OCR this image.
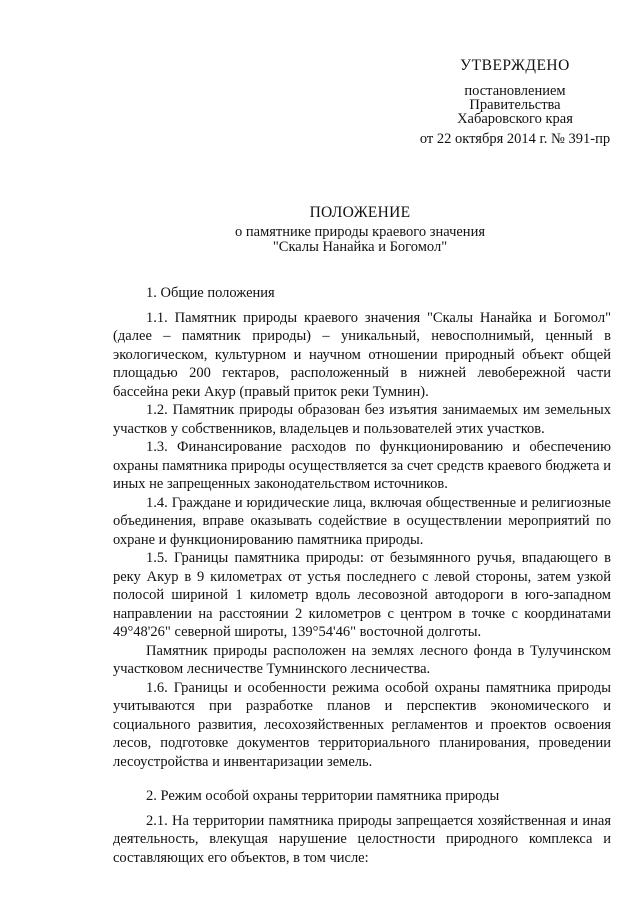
УТВЕРЖДЕНО
постановлением
Правительства
Хабаровского края
от 22 октября 2014 г. № 391-пр
ПОЛОЖЕНИЕ
о памятнике природы краевого значения
"Скалы Нанайка и Богомол"

1. Общие положения

1.1. Памятник природы краевого значения "Скалы Нанайка и Богомол" (далее – памятник природы) – уникальный, невосполнимый, ценный в экологическом, культурном и научном отношении природный объект общей площадью 200 гектаров, расположенный в нижней левобережной части бассейна реки Акур (правый приток реки Тумнин).

1.2. Памятник природы образован без изъятия занимаемых им земельных участков у собственников, владельцев и пользователей этих участков.

1.3. Финансирование расходов по функционированию и обеспечению охраны памятника природы осуществляется за счет средств краевого бюджета и иных не запрещенных законодательством источников.

1.4. Граждане и юридические лица, включая общественные и религиозные объединения, вправе оказывать содействие в осуществлении мероприятий по охране и функционированию памятника природы.

1.5. Границы памятника природы: от безымянного ручья, впадающего в реку Акур в 9 километрах от устья последнего с левой стороны, затем узкой полосой шириной 1 километр вдоль лесовозной автодороги в юго-западном направлении на расстоянии 2 километров с центром в точке с координатами 49°48'26" северной широты, 139°54'46" восточной долготы.

Памятник природы расположен на землях лесного фонда в Тулучинском участковом лесничестве Тумнинского лесничества.

1.6. Границы и особенности режима особой охраны памятника природы учитываются при разработке планов и перспектив экономического и социального развития, лесохозяйственных регламентов и проектов освоения лесов, подготовке документов территориального планирования, проведении лесоустройства и инвентаризации земель.

2. Режим особой охраны территории памятника природы

2.1. На территории памятника природы запрещается хозяйственная и иная деятельность, влекущая нарушение целостности природного комплекса и составляющих его объектов, в том числе:
